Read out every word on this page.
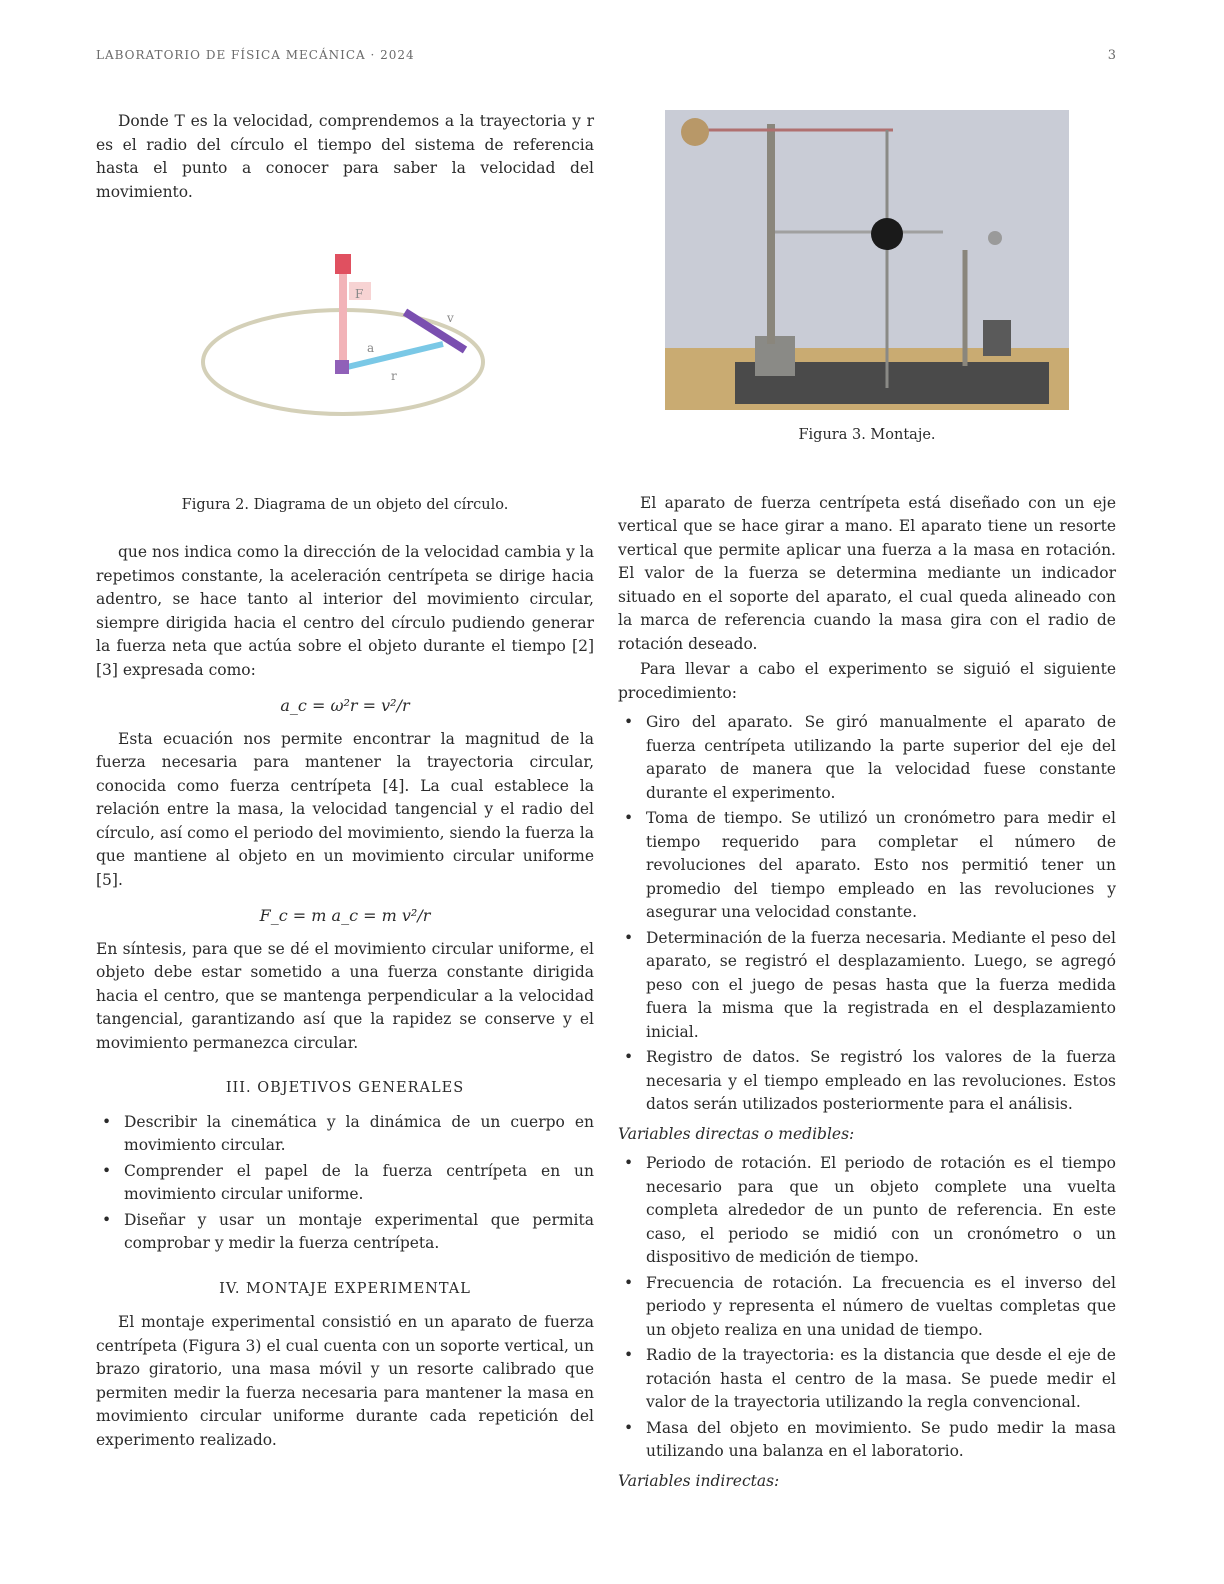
LABORATORIO DE FÍSICA MECÁNICA · 2024	3

Donde T es la velocidad, comprendemos a la trayectoria y r es el radio del círculo el tiempo del sistema de referencia hasta el punto a conocer para saber la velocidad del movimiento.

F
v
a
r

Figura 2. Diagrama de un objeto del círculo.

que nos indica como la dirección de la velocidad cambia y la repetimos constante, la aceleración centrípeta se dirige hacia adentro, se hace tanto al interior del movimiento circular, siempre dirigida hacia el centro del círculo pudiendo generar la fuerza neta que actúa sobre el objeto durante el tiempo [2] [3] expresada como:

a_c = ω²r = v²/r

Esta ecuación nos permite encontrar la magnitud de la fuerza necesaria para mantener la trayectoria circular, conocida como fuerza centrípeta [4]. La cual establece la relación entre la masa, la velocidad tangencial y el radio del círculo, así como el periodo del movimiento, siendo la fuerza la que mantiene al objeto en un movimiento circular uniforme [5].

F_c = m a_c = m v²/r

En síntesis, para que se dé el movimiento circular uniforme, el objeto debe estar sometido a una fuerza constante dirigida hacia el centro, que se mantenga perpendicular a la velocidad tangencial, garantizando así que la rapidez se conserve y el movimiento permanezca circular.

III. OBJETIVOS GENERALES
• Describir la cinemática y la dinámica de un cuerpo en movimiento circular.
• Comprender el papel de la fuerza centrípeta en un movimiento circular uniforme.
• Diseñar y usar un montaje experimental que permita comprobar y medir la fuerza centrípeta.
IV. MONTAJE EXPERIMENTAL

El montaje experimental consistió en un aparato de fuerza centrípeta (Figura 3) el cual cuenta con un soporte vertical, un brazo giratorio, una masa móvil y un resorte calibrado que permiten medir la fuerza necesaria para mantener la masa en movimiento circular uniforme durante cada repetición del experimento realizado.

Figura 3. Montaje.

El aparato de fuerza centrípeta está diseñado con un eje vertical que se hace girar a mano. El aparato tiene un resorte vertical que permite aplicar una fuerza a la masa en rotación. El valor de la fuerza se determina mediante un indicador situado en el soporte del aparato, el cual queda alineado con la marca de referencia cuando la masa gira con el radio de rotación deseado.

Para llevar a cabo el experimento se siguió el siguiente procedimiento:

• Giro del aparato. Se giró manualmente el aparato de fuerza centrípeta utilizando la parte superior del eje del aparato de manera que la velocidad fuese constante durante el experimento.
• Toma de tiempo. Se utilizó un cronómetro para medir el tiempo requerido para completar el número de revoluciones del aparato. Esto nos permitió tener un promedio del tiempo empleado en las revoluciones y asegurar una velocidad constante.
• Determinación de la fuerza necesaria. Mediante el peso del aparato, se registró el desplazamiento. Luego, se agregó peso con el juego de pesas hasta que la fuerza medida fuera la misma que la registrada en el desplazamiento inicial.
• Registro de datos. Se registró los valores de la fuerza necesaria y el tiempo empleado en las revoluciones. Estos datos serán utilizados posteriormente para el análisis.
Variables directas o medibles:
• Periodo de rotación. El periodo de rotación es el tiempo necesario para que un objeto complete una vuelta completa alrededor de un punto de referencia. En este caso, el periodo se midió con un cronómetro o un dispositivo de medición de tiempo.
• Frecuencia de rotación. La frecuencia es el inverso del periodo y representa el número de vueltas completas que un objeto realiza en una unidad de tiempo.
• Radio de la trayectoria: es la distancia que desde el eje de rotación hasta el centro de la masa. Se puede medir el valor de la trayectoria utilizando la regla convencional.
• Masa del objeto en movimiento. Se pudo medir la masa utilizando una balanza en el laboratorio.
Variables indirectas:
